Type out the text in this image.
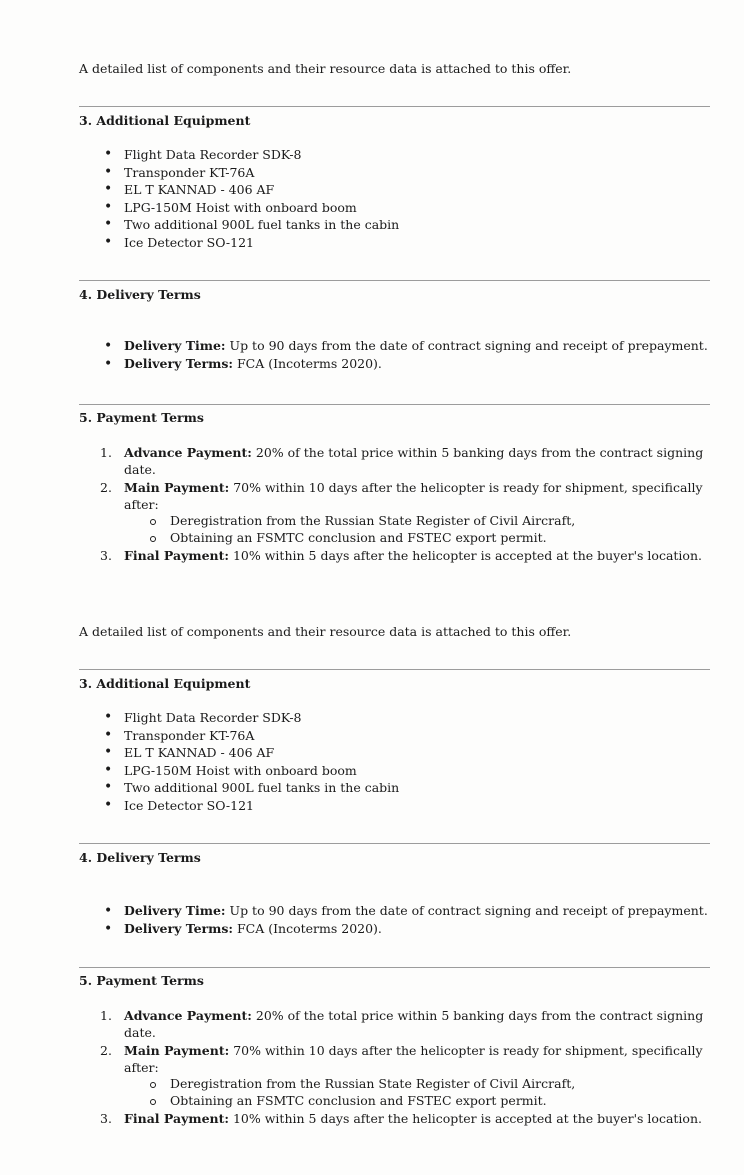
A detailed list of components and their resource data is attached to this offer.
3. Additional Equipment
• Flight Data Recorder SDK-8
• Transponder KT-76A
• EL T KANNAD - 406 AF
• LPG-150M Hoist with onboard boom
• Two additional 900L fuel tanks in the cabin
• Ice Detector SO-121
4. Delivery Terms
• Delivery Time: Up to 90 days from the date of contract signing and receipt of prepayment.
• Delivery Terms: FCA (Incoterms 2020).
5. Payment Terms
1. Advance Payment: 20% of the total price within 5 banking days from the contract signing date.
2. Main Payment: 70% within 10 days after the helicopter is ready for shipment, specifically after:
Deregistration from the Russian State Register of Civil Aircraft,
Obtaining an FSMTC conclusion and FSTEC export permit.
3. Final Payment: 10% within 5 days after the helicopter is accepted at the buyer's location.
A detailed list of components and their resource data is attached to this offer.
3. Additional Equipment
• Flight Data Recorder SDK-8
• Transponder KT-76A
• EL T KANNAD - 406 AF
• LPG-150M Hoist with onboard boom
• Two additional 900L fuel tanks in the cabin
• Ice Detector SO-121
4. Delivery Terms
• Delivery Time: Up to 90 days from the date of contract signing and receipt of prepayment.
• Delivery Terms: FCA (Incoterms 2020).
5. Payment Terms
1. Advance Payment: 20% of the total price within 5 banking days from the contract signing date.
2. Main Payment: 70% within 10 days after the helicopter is ready for shipment, specifically after:
Deregistration from the Russian State Register of Civil Aircraft,
Obtaining an FSMTC conclusion and FSTEC export permit.
3. Final Payment: 10% within 5 days after the helicopter is accepted at the buyer's location.
